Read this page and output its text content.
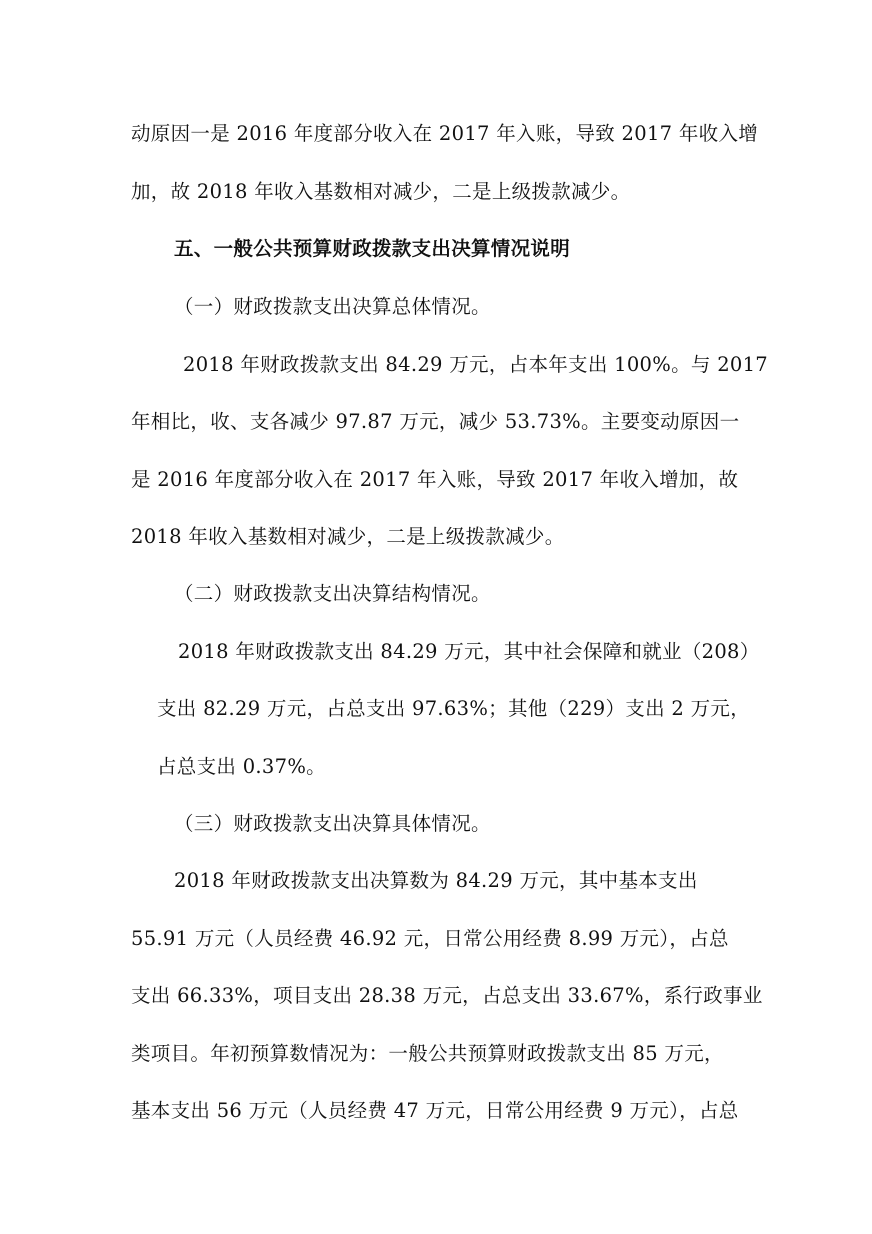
动原因一是 2016 年度部分收入在 2017 年入账，导致 2017 年收入增
加，故 2018 年收入基数相对减少，二是上级拨款减少。
五、一般公共预算财政拨款支出决算情况说明
（一）财政拨款支出决算总体情况。
2018 年财政拨款支出 84.29 万元，占本年支出 100%。与 2017
年相比，收、支各减少 97.87 万元，减少 53.73%。主要变动原因一
是 2016 年度部分收入在 2017 年入账，导致 2017 年收入增加，故
2018 年收入基数相对减少，二是上级拨款减少。
（二）财政拨款支出决算结构情况。
2018 年财政拨款支出 84.29 万元，其中社会保障和就业（208）
支出 82.29 万元，占总支出 97.63%；其他（229）支出 2 万元，
占总支出 0.37%。
（三）财政拨款支出决算具体情况。
2018 年财政拨款支出决算数为 84.29 万元，其中基本支出
55.91 万元（人员经费 46.92 元，日常公用经费 8.99 万元），占总
支出 66.33%，项目支出 28.38 万元，占总支出 33.67%，系行政事业
类项目。年初预算数情况为：一般公共预算财政拨款支出 85 万元，
基本支出 56 万元（人员经费 47 万元，日常公用经费 9 万元），占总
